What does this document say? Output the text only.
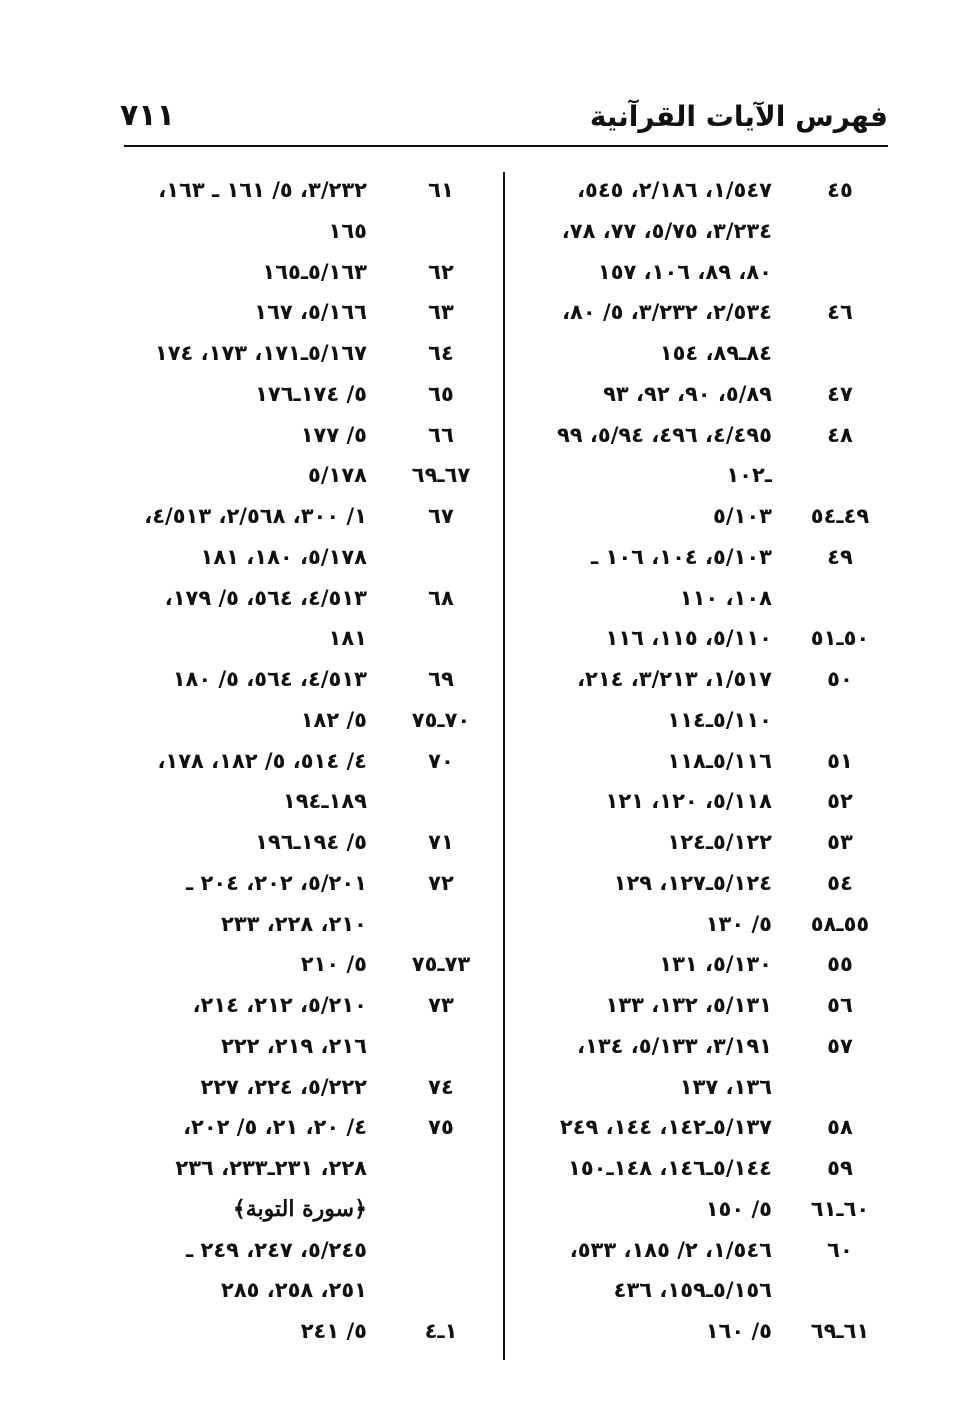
فهرس الآيات القرآنية
٧١١
٤٥
١/٥٤٧، ٢/١٨٦، ٥٤٥،
٣/٢٣٤، ٥/٧٥، ٧٧، ٧٨،
٨٠، ٨٩، ١٠٦، ١٥٧
٤٦
٢/٥٣٤، ٣/٢٣٢، ٥/ ٨٠،
٨٤ـ٨٩، ١٥٤
٤٧
٥/٨٩، ٩٠، ٩٢، ٩٣
٤٨
٤/٤٩٥، ٤٩٦، ٥/٩٤، ٩٩
ـ١٠٢
٤٩ـ٥٤
٥/١٠٣
٤٩
٥/١٠٣، ١٠٤، ١٠٦ ـ
١٠٨، ١١٠
٥٠ـ٥١
٥/١١٠، ١١٥، ١١٦
٥٠
١/٥١٧، ٣/٢١٣، ٢١٤،
٥/١١٠ـ١١٤
٥١
٥/١١٦ـ١١٨
٥٢
٥/١١٨، ١٢٠، ١٢١
٥٣
٥/١٢٢ـ١٢٤
٥٤
٥/١٢٤ـ١٢٧، ١٢٩
٥٥ـ٥٨
٥/ ١٣٠
٥٥
٥/١٣٠، ١٣١
٥٦
٥/١٣١، ١٣٢، ١٣٣
٥٧
٣/١٩١، ٥/١٣٣، ١٣٤،
١٣٦، ١٣٧
٥٨
٥/١٣٧ـ١٤٢، ١٤٤، ٢٤٩
٥٩
٥/١٤٤ـ١٤٦، ١٤٨ـ١٥٠
٦٠ـ٦١
٥/ ١٥٠
٦٠
١/٥٤٦، ٢/ ١٨٥، ٥٣٣،
٥/١٥٦ـ١٥٩، ٤٣٦
٦١ـ٦٩
٥/ ١٦٠
٦١
٣/٢٣٢، ٥/ ١٦١ ـ ١٦٣،
١٦٥
٦٢
٥/١٦٣ـ١٦٥
٦٣
٥/١٦٦، ١٦٧
٦٤
٥/١٦٧ـ١٧١، ١٧٣، ١٧٤
٦٥
٥/ ١٧٤ـ١٧٦
٦٦
٥/ ١٧٧
٦٧ـ٦٩
٥/١٧٨
٦٧
١/ ٣٠٠، ٢/٥٦٨، ٤/٥١٣،
٥/١٧٨، ١٨٠، ١٨١
٦٨
٤/٥١٣، ٥٦٤، ٥/ ١٧٩،
١٨١
٦٩
٤/٥١٣، ٥٦٤، ٥/ ١٨٠
٧٠ـ٧٥
٥/ ١٨٢
٧٠
٤/ ٥١٤، ٥/ ١٨٢، ١٧٨،
١٨٩ـ١٩٤
٧١
٥/ ١٩٤ـ١٩٦
٧٢
٥/٢٠١، ٢٠٢، ٢٠٤ ـ
٢١٠، ٢٢٨، ٢٣٣
٧٣ـ٧٥
٥/ ٢١٠
٧٣
٥/٢١٠، ٢١٢، ٢١٤،
٢١٦، ٢١٩، ٢٢٢
٧٤
٥/٢٢٢، ٢٢٤، ٢٢٧
٧٥
٤/ ٢٠، ٢١، ٥/ ٢٠٢،
٢٢٨، ٢٣١ـ٢٣٣، ٢٣٦
﴿سورة التوبة﴾
٥/٢٤٥، ٢٤٧، ٢٤٩ ـ
٢٥١، ٢٥٨، ٢٨٥
١ـ٤
٥/ ٢٤١
